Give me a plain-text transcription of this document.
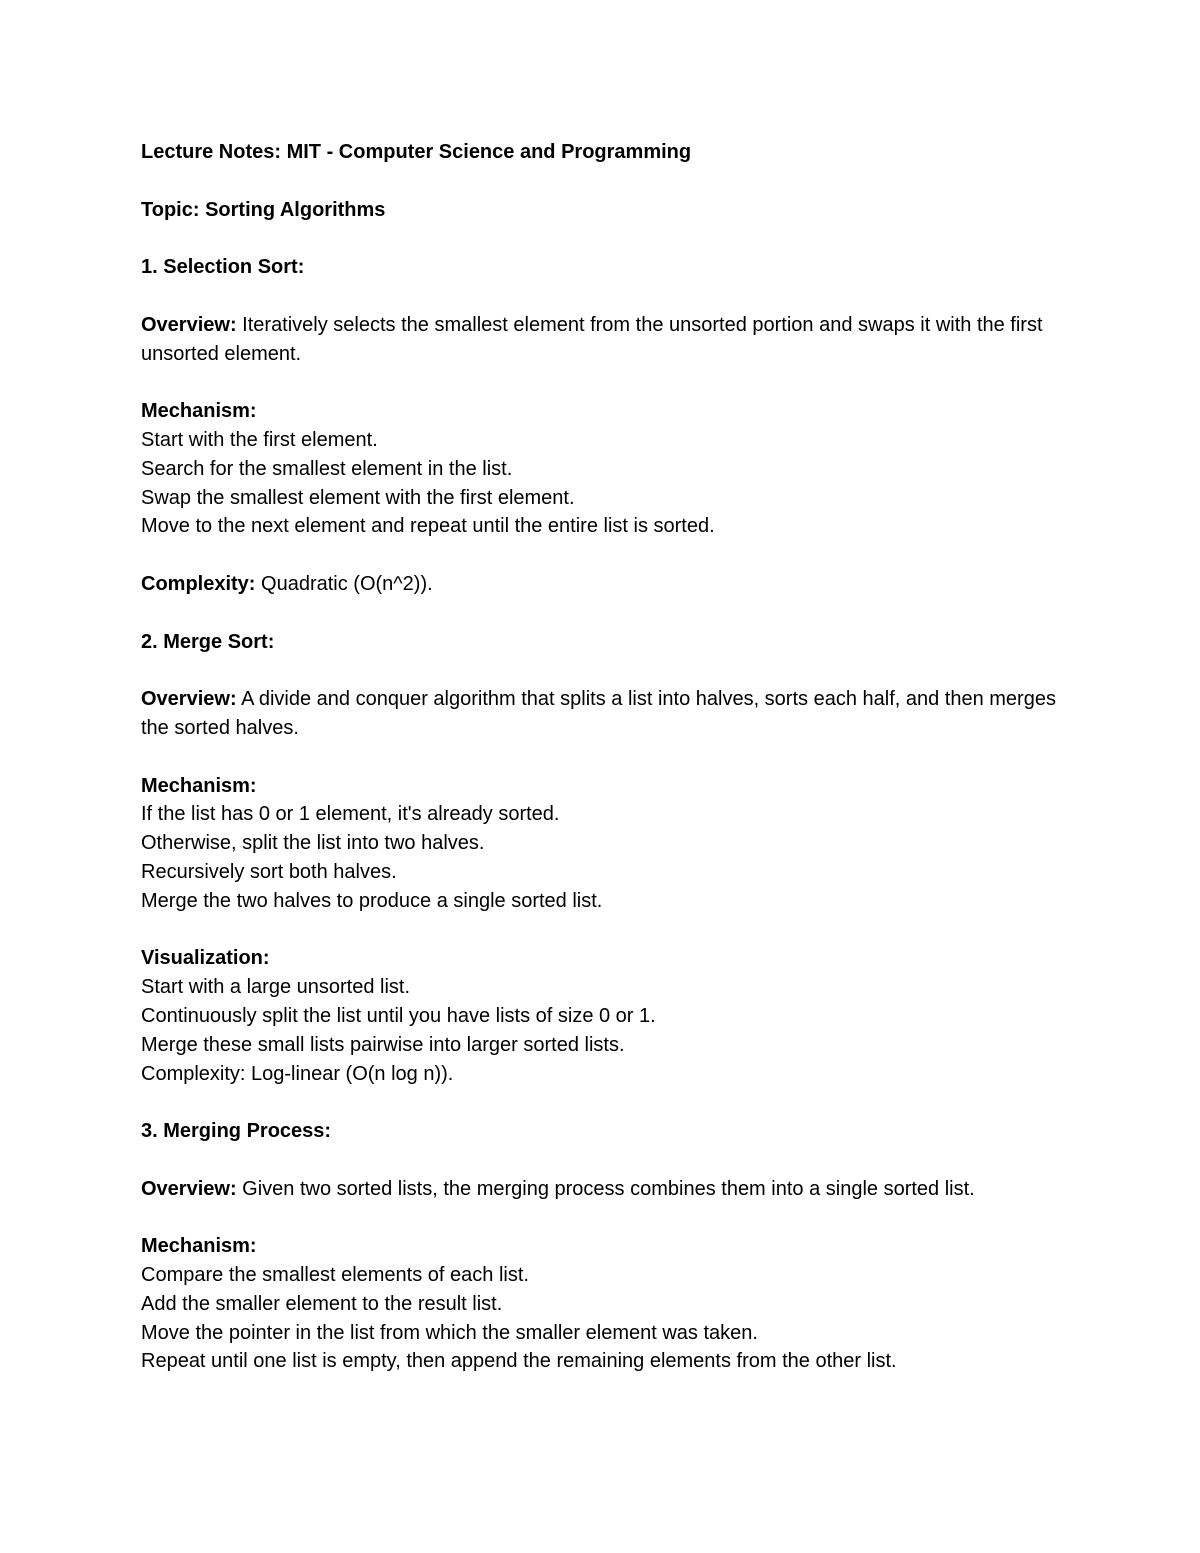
Lecture Notes: MIT - Computer Science and Programming

Topic: Sorting Algorithms

1. Selection Sort:

Overview: Iteratively selects the smallest element from the unsorted portion and swaps it with the first unsorted element.

Mechanism:

Start with the first element.
Search for the smallest element in the list.
Swap the smallest element with the first element.
Move to the next element and repeat until the entire list is sorted.

Complexity: Quadratic (O(n^2)).

2. Merge Sort:

Overview: A divide and conquer algorithm that splits a list into halves, sorts each half, and then merges the sorted halves.

Mechanism:

If the list has 0 or 1 element, it's already sorted.
Otherwise, split the list into two halves.
Recursively sort both halves.
Merge the two halves to produce a single sorted list.

Visualization:

Start with a large unsorted list.
Continuously split the list until you have lists of size 0 or 1.
Merge these small lists pairwise into larger sorted lists.
Complexity: Log-linear (O(n log n)).

3. Merging Process:

Overview: Given two sorted lists, the merging process combines them into a single sorted list.

Mechanism:

Compare the smallest elements of each list.
Add the smaller element to the result list.
Move the pointer in the list from which the smaller element was taken.
Repeat until one list is empty, then append the remaining elements from the other list.
